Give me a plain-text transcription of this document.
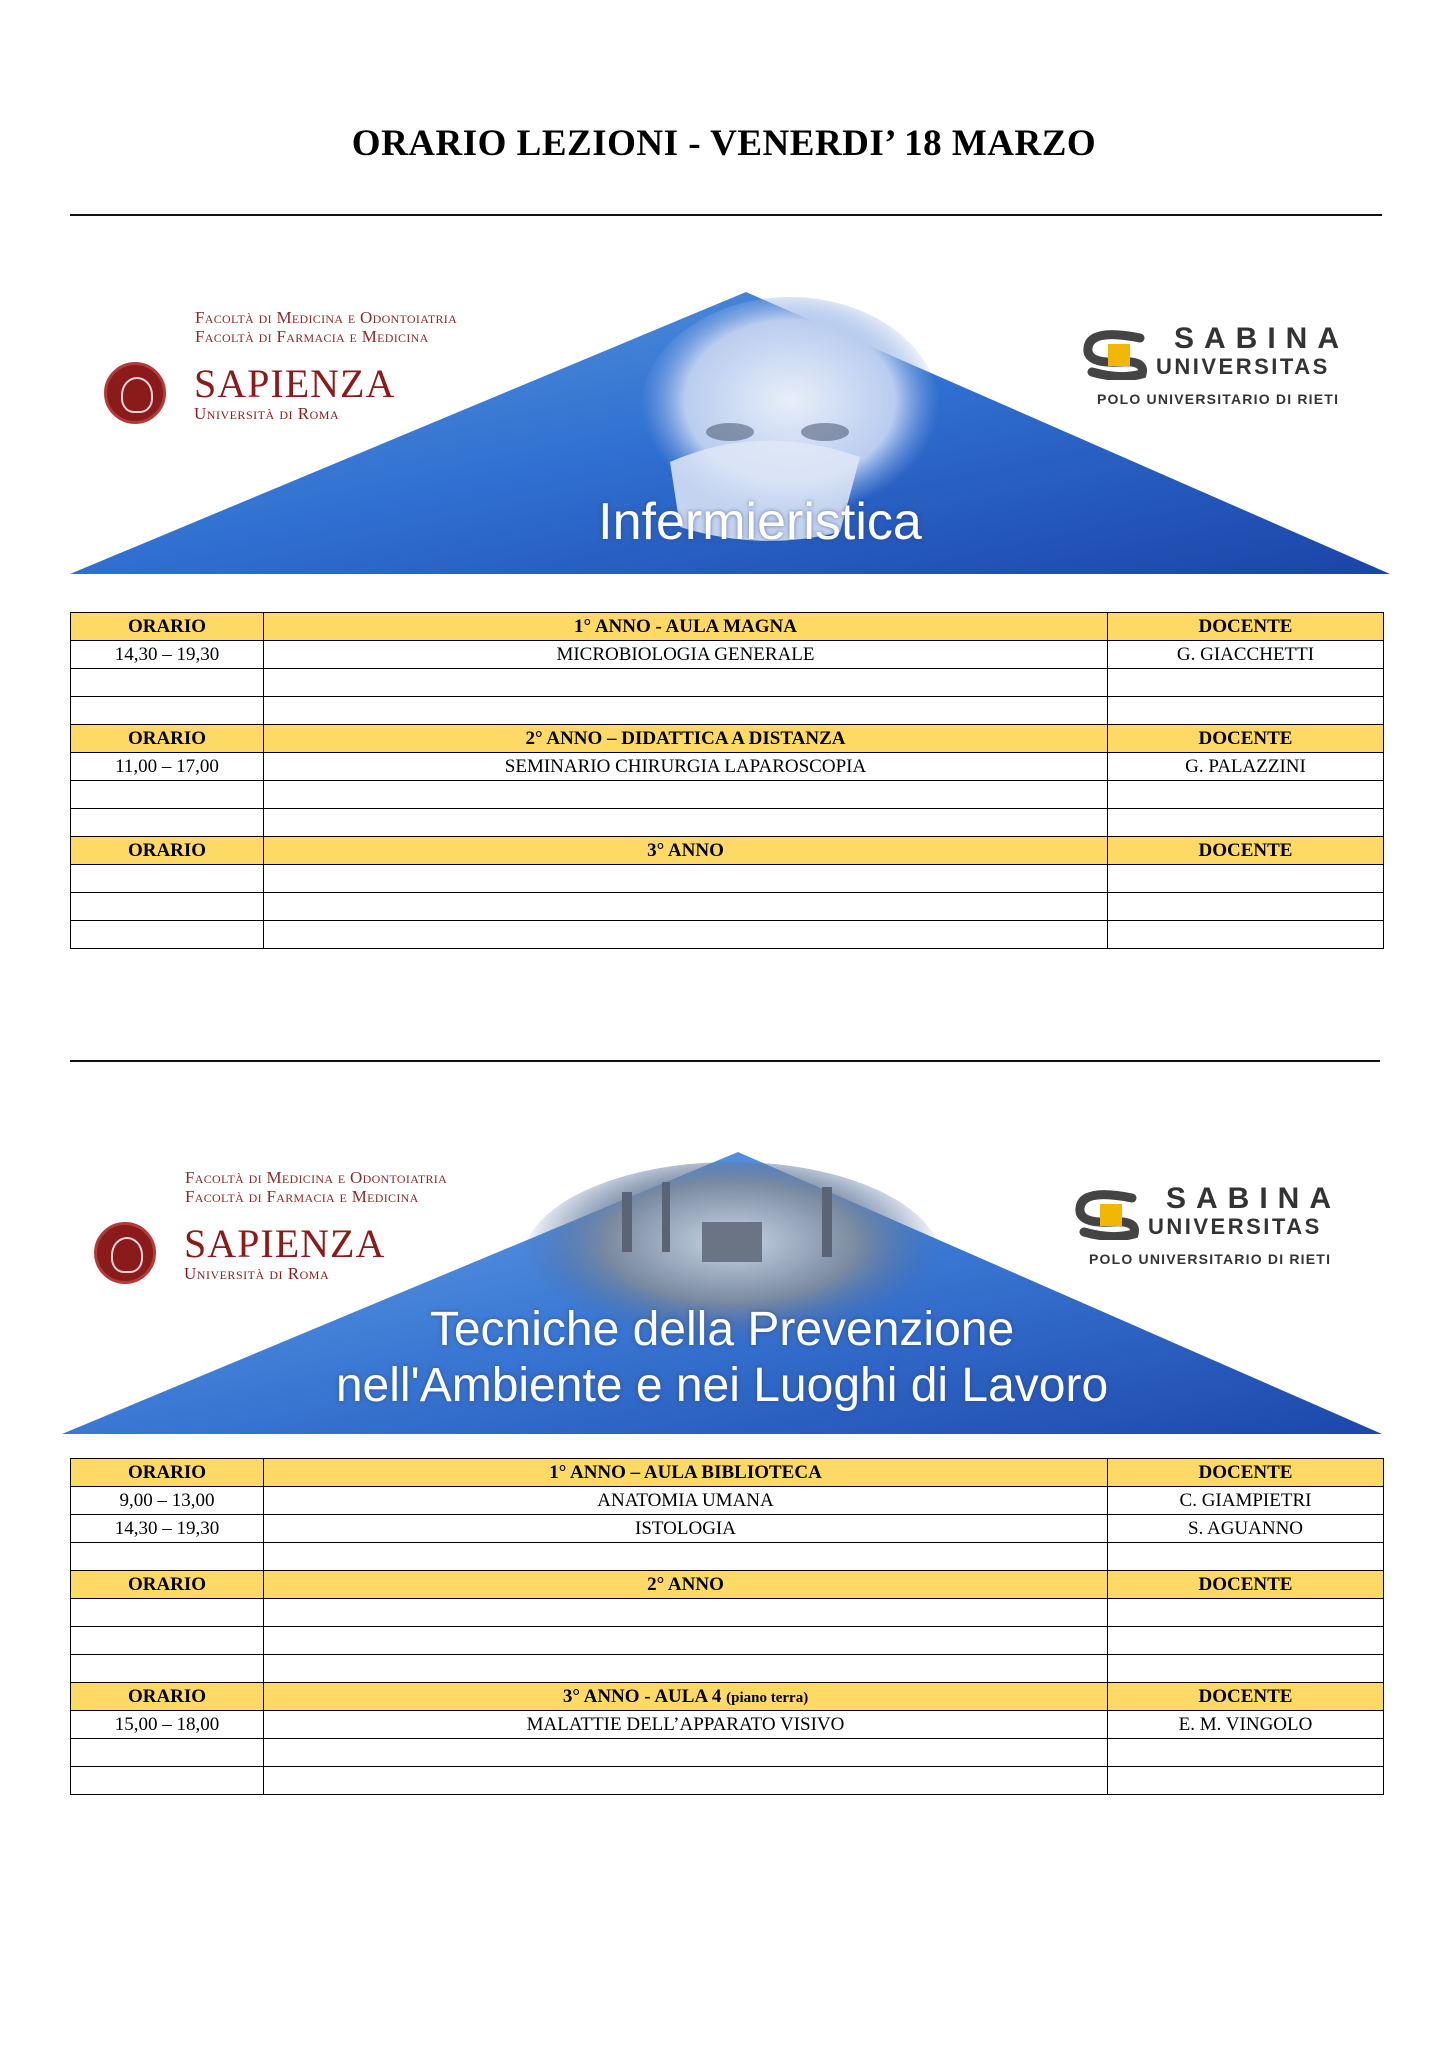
ORARIO LEZIONI - VENERDI’ 18 MARZO
Facoltà di Medicina e Odontoiatria
Facoltà di Farmacia e Medicina
SAPIENZA
Università di Roma
SABINA
UNIVERSITAS
POLO UNIVERSITARIO DI RIETI
Infermieristica
ORARIO	1° ANNO - AULA MAGNA	DOCENTE
14,30 – 19,30	MICROBIOLOGIA GENERALE	G. GIACCHETTI

ORARIO	2° ANNO – DIDATTICA A DISTANZA	DOCENTE
11,00 – 17,00	SEMINARIO CHIRURGIA LAPAROSCOPIA	G. PALAZZINI

ORARIO	3° ANNO	DOCENTE

Facoltà di Medicina e Odontoiatria
Facoltà di Farmacia e Medicina
SAPIENZA
Università di Roma
SABINA
UNIVERSITAS
POLO UNIVERSITARIO DI RIETI
Tecniche della Prevenzione
nell'Ambiente e nei Luoghi di Lavoro
ORARIO	1° ANNO – AULA BIBLIOTECA	DOCENTE
9,00 – 13,00	ANATOMIA UMANA	C. GIAMPIETRI
14,30 – 19,30	ISTOLOGIA	S. AGUANNO

ORARIO	2° ANNO	DOCENTE

ORARIO	3° ANNO - AULA 4 (piano terra)	DOCENTE
15,00 – 18,00	MALATTIE DELL’APPARATO VISIVO	E. M. VINGOLO
